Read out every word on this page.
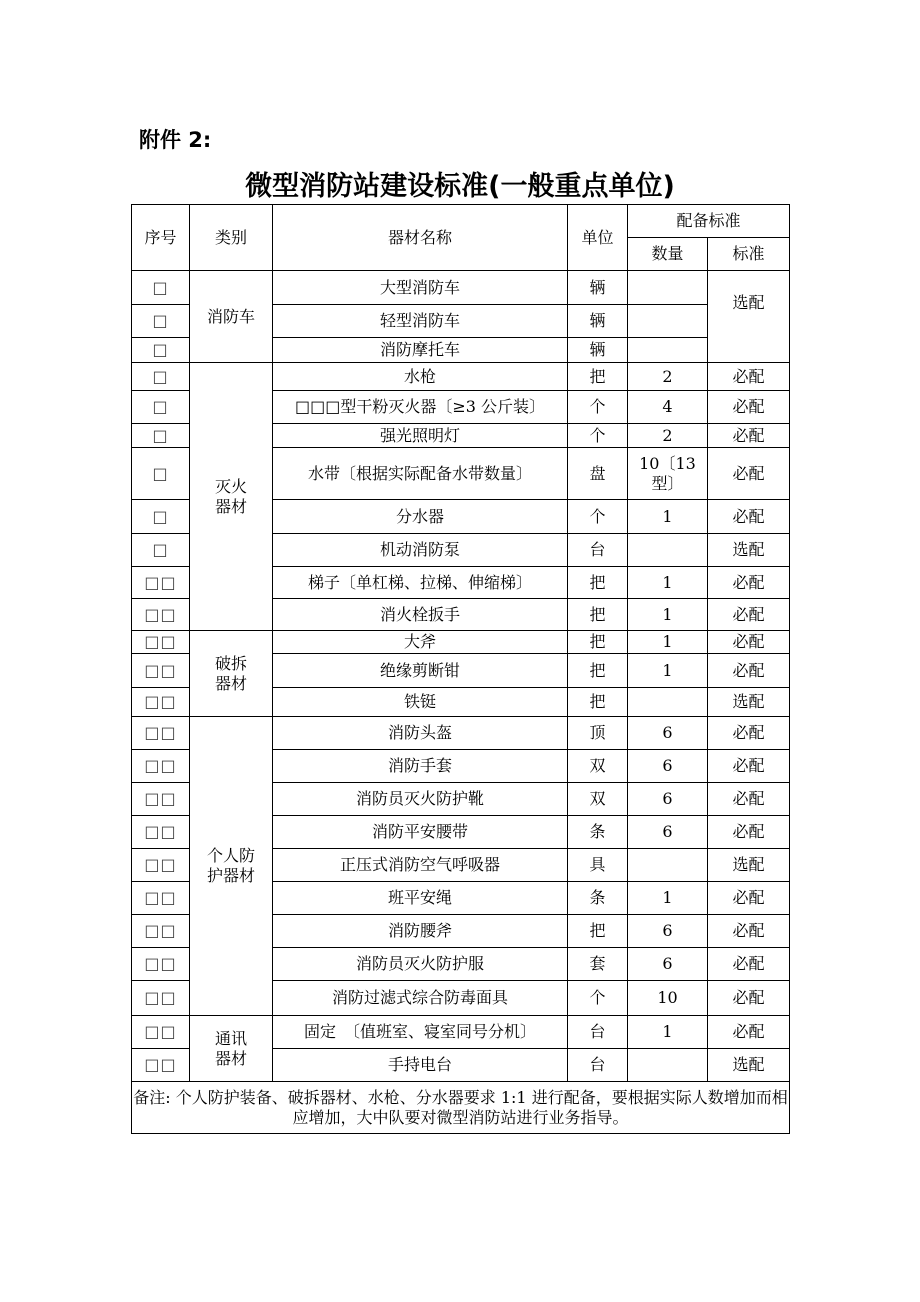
附件 2:
微型消防站建设标准(一般重点单位)
序号	类别	器材名称	单位	配备标准	
				数量	标准
□	消防车	大型消防车	辆		选配
□		轻型消防车	辆		
□		消防摩托车	辆		
□	灭火器材	水枪	把	2	必配
□		□□□型干粉灭火器〔≥3 公斤装〕	个	4	必配
□		强光照明灯	个	2	必配
□		水带〔根据实际配备水带数量〕	盘	10〔13型〕	必配
□		分水器	个	1	必配
□		机动消防泵	台		选配
□□		梯子〔单杠梯、拉梯、伸缩梯〕	把	1	必配
□□		消火栓扳手	把	1	必配
□□	破拆器材	大斧	把	1	必配
□□		绝缘剪断钳	把	1	必配
□□		铁铤	把		选配
□□	个人防护器材	消防头盔	顶	6	必配
□□		消防手套	双	6	必配
□□		消防员灭火防护靴	双	6	必配
□□		消防平安腰带	条	6	必配
□□		正压式消防空气呼吸器	具		选配
□□		班平安绳	条	1	必配
□□		消防腰斧	把	6	必配
□□		消防员灭火防护服	套	6	必配
□□		消防过滤式综合防毒面具	个	10	必配
□□	通讯器材	固定　〔值班室、寝室同号分机〕	台	1	必配
□□		手持电台	台		选配
备注: 个人防护装备、破拆器材、水枪、分水器要求 1:1 进行配备，要根据实际人数增加而相应增加，大中队要对微型消防站进行业务指导。					
